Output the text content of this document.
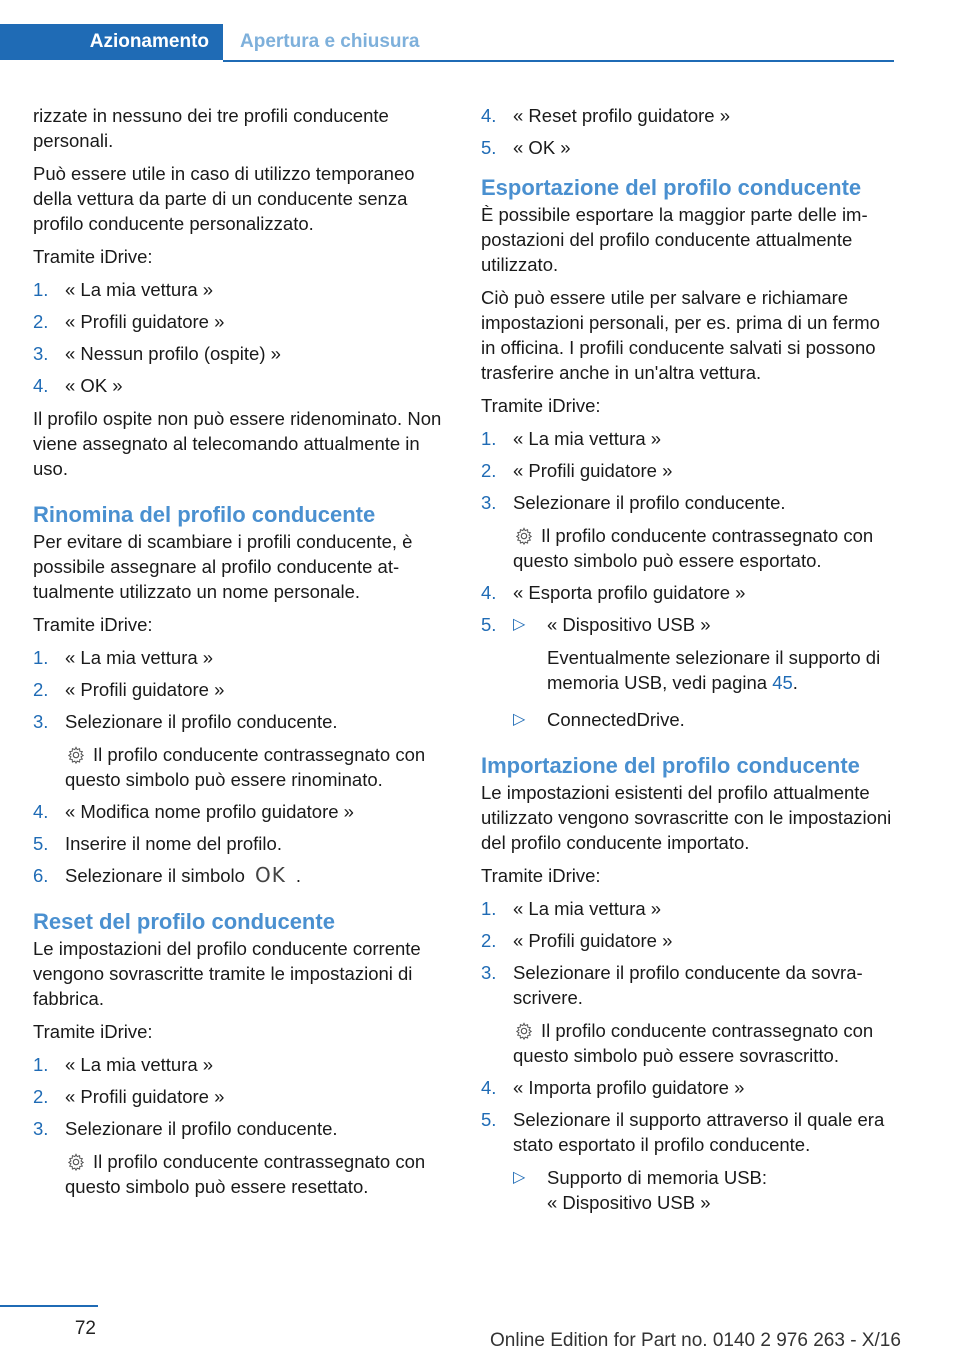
Azionamento	Apertura e chiusura

rizzate in nessuno dei tre profili conducente personali.

Può essere utile in caso di utilizzo temporaneo della vettura da parte di un conducente senza profilo conducente personalizzato.

Tramite iDrive:

1. « La mia vettura »
2. « Profili guidatore »
3. « Nessun profilo (ospite) »
4. « OK »

Il profilo ospite non può essere ridenominato. Non viene assegnato al telecomando attualmente in uso.

Rinomina del profilo conducente

Per evitare di scambiare i profili conducente, è possibile assegnare al profilo conducente attualmente utilizzato un nome personale.

Tramite iDrive:

1. « La mia vettura »
2. « Profili guidatore »
3. Selezionare il profilo conducente.
Il profilo conducente contrassegnato con questo simbolo può essere rinominato.
4. « Modifica nome profilo guidatore »
5. Inserire il nome del profilo.
6. Selezionare il simbolo OK .
Reset del profilo conducente

Le impostazioni del profilo conducente corrente vengono sovrascritte tramite le impostazioni di fabbrica.

Tramite iDrive:

1. « La mia vettura »
2. « Profili guidatore »
3. Selezionare il profilo conducente.
Il profilo conducente contrassegnato con questo simbolo può essere resettato.
4. « Reset profilo guidatore »
5. « OK »
Esportazione del profilo conducente

È possibile esportare la maggior parte delle impostazioni del profilo conducente attualmente utilizzato.

Ciò può essere utile per salvare e richiamare impostazioni personali, per es. prima di un fermo in officina. I profili conducente salvati si possono trasferire anche in un'altra vettura.

Tramite iDrive:

1. « La mia vettura »
2. « Profili guidatore »
3. Selezionare il profilo conducente.
Il profilo conducente contrassegnato con questo simbolo può essere esportato.
4. « Esporta profilo guidatore »
5. ▷ « Dispositivo USB »
Eventualmente selezionare il supporto di memoria USB, vedi pagina 45.
▷ ConnectedDrive.
Importazione del profilo conducente

Le impostazioni esistenti del profilo attualmente utilizzato vengono sovrascritte con le impostazioni del profilo conducente importato.

Tramite iDrive:

1. « La mia vettura »
2. « Profili guidatore »
3. Selezionare il profilo conducente da sovrascrivere.
Il profilo conducente contrassegnato con questo simbolo può essere sovrascritto.
4. « Importa profilo guidatore »
5. Selezionare il supporto attraverso il quale era stato esportato il profilo conducente.
▷ Supporto di memoria USB:
« Dispositivo USB »
72
Online Edition for Part no. 0140 2 976 263 - X/16
